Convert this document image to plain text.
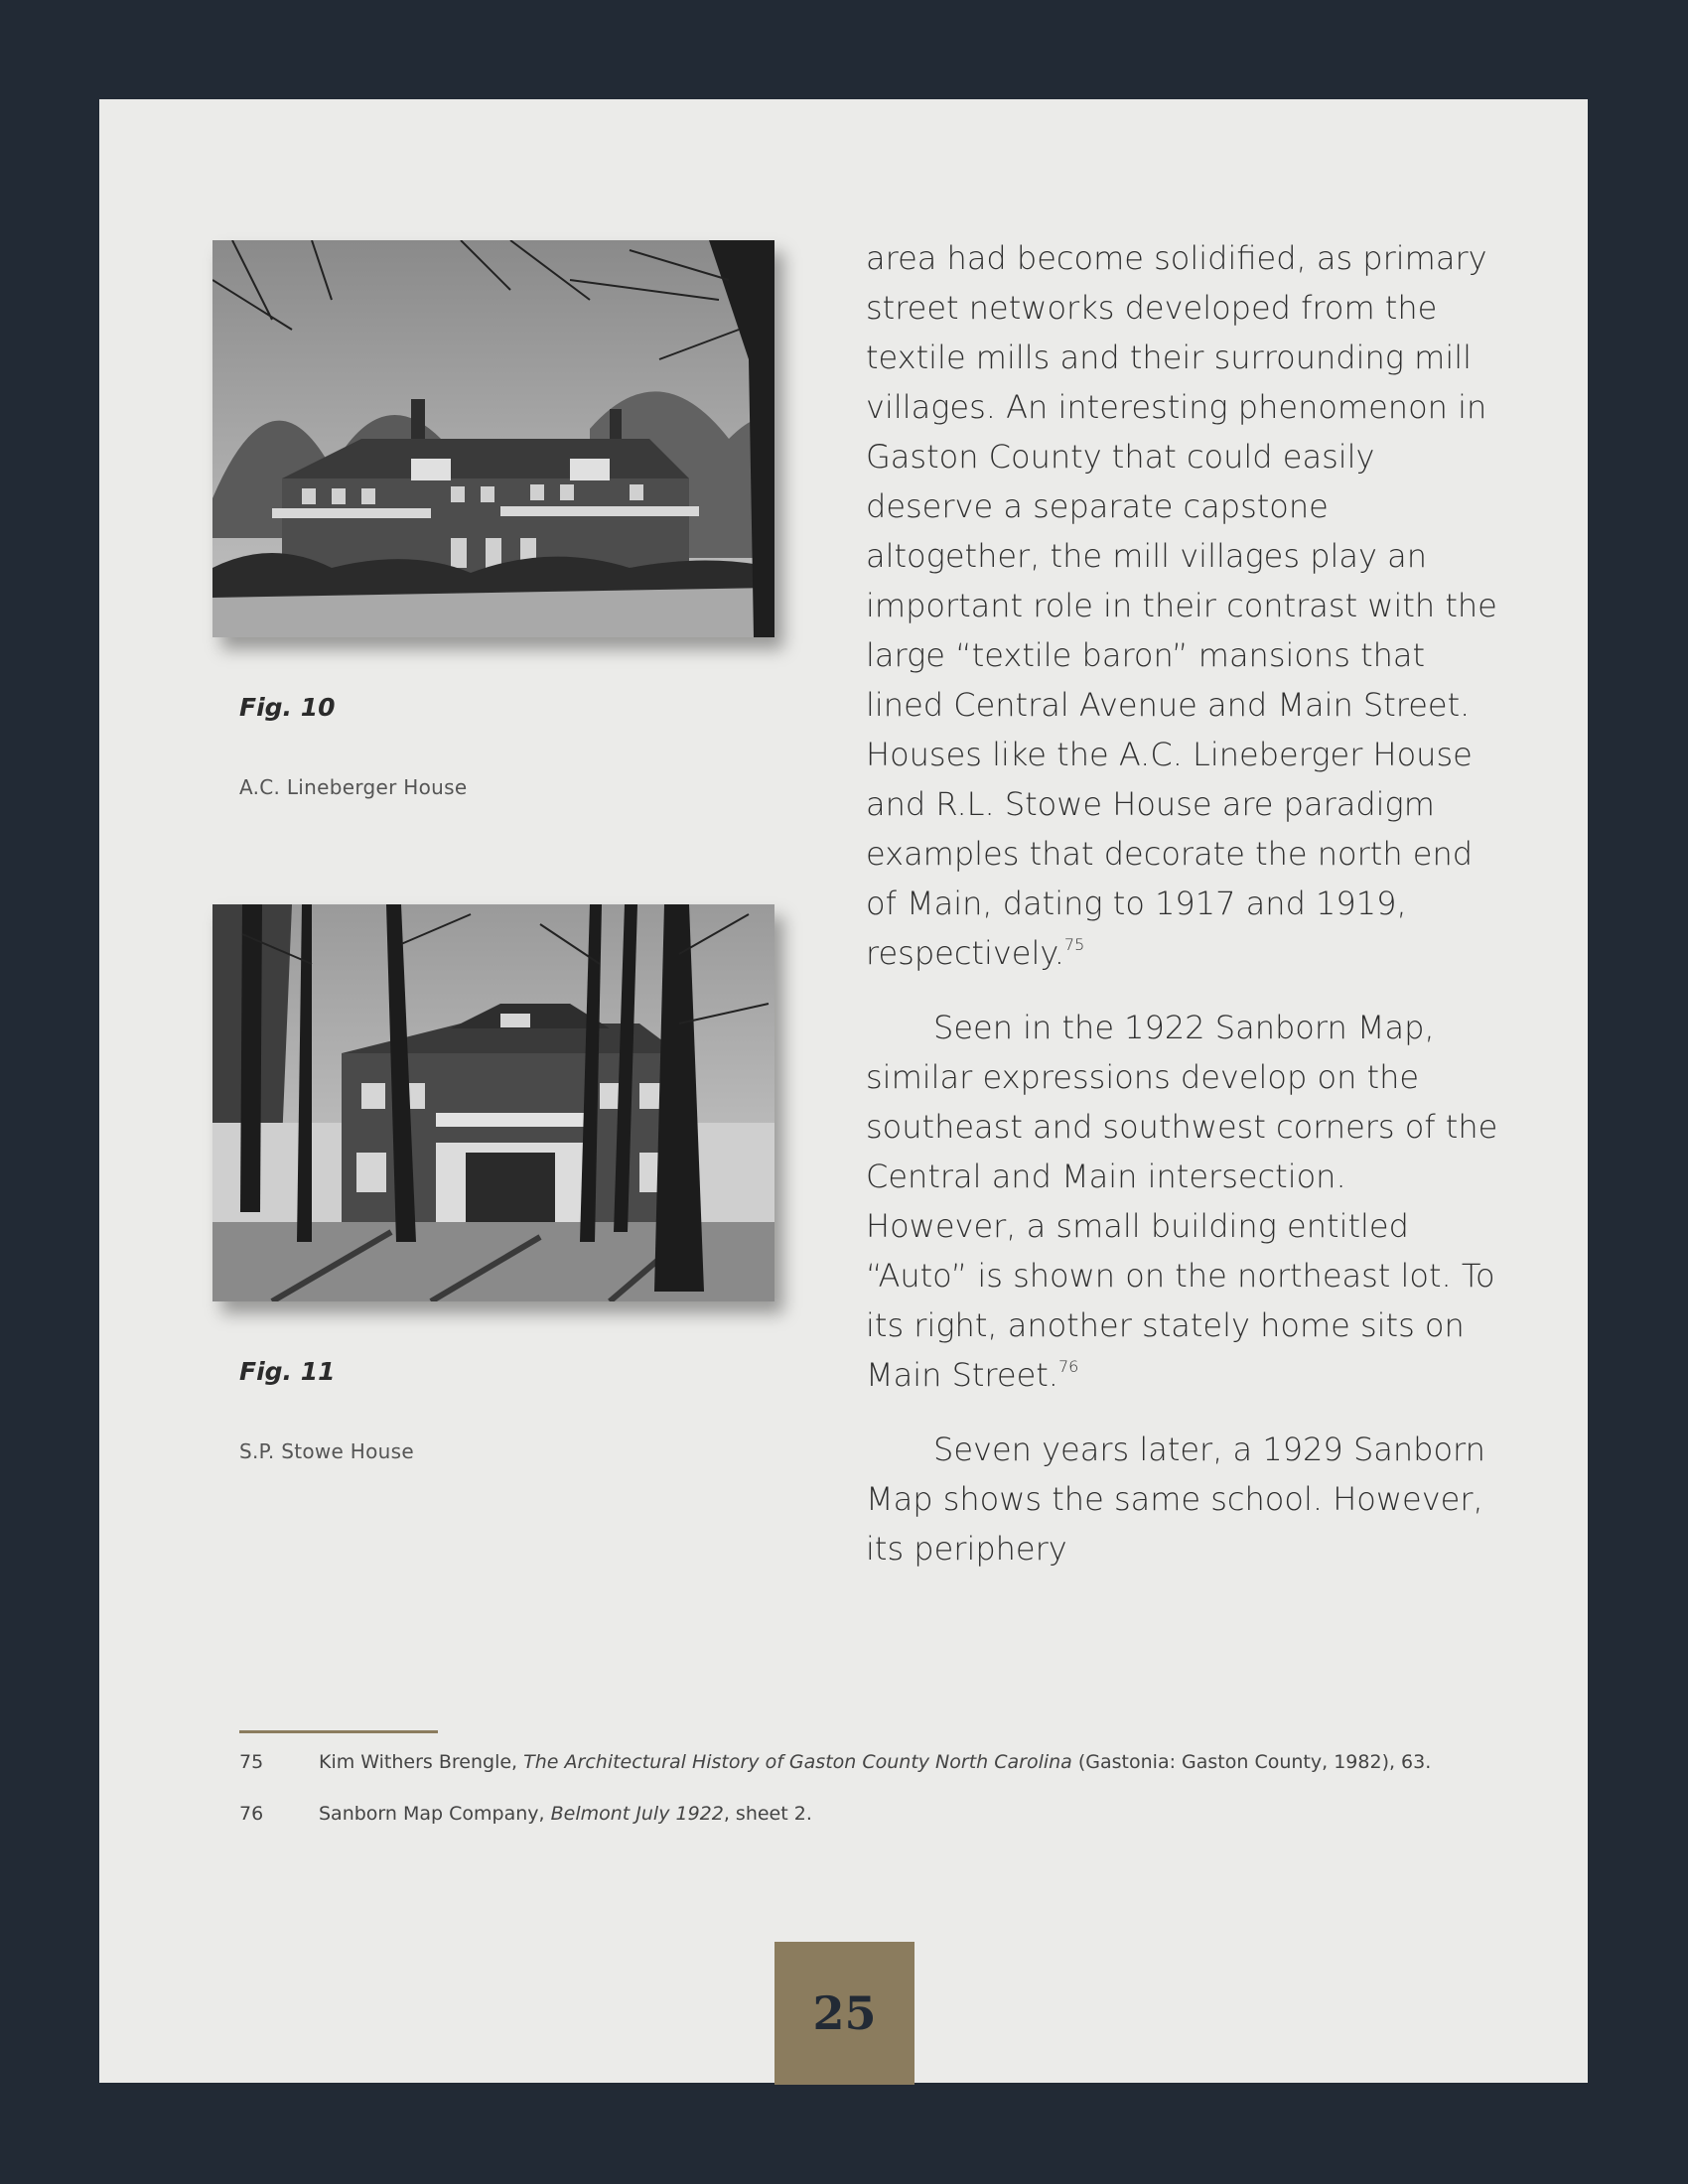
Fig. 10
A.C. Lineberger House
Fig. 11
S.P. Stowe House

area had become solidified, as primary street networks developed from the textile mills and their surrounding mill villages. An interesting phenomenon in Gaston County that could easily deserve a separate capstone altogether, the mill villages play an important role in their contrast with the large “textile baron” mansions that lined Central Avenue and Main Street. Houses like the A.C. Lineberger House and R.L. Stowe House are paradigm examples that decorate the north end of Main, dating to 1917 and 1919, respectively.$^{75}$

Seen in the 1922 Sanborn Map, similar expressions develop on the southeast and southwest corners of the Central and Main intersection. However, a small building entitled “Auto” is shown on the northeast lot. To its right, another stately home sits on Main Street.$^{76}$

Seven years later, a 1929 Sanborn Map shows the same school. However, its periphery

75	Kim Withers Brengle, The Architectural History of Gaston County North Carolina (Gastonia: Gaston County, 1982), 63.
76	Sanborn Map Company, Belmont July 1922, sheet 2.
25
